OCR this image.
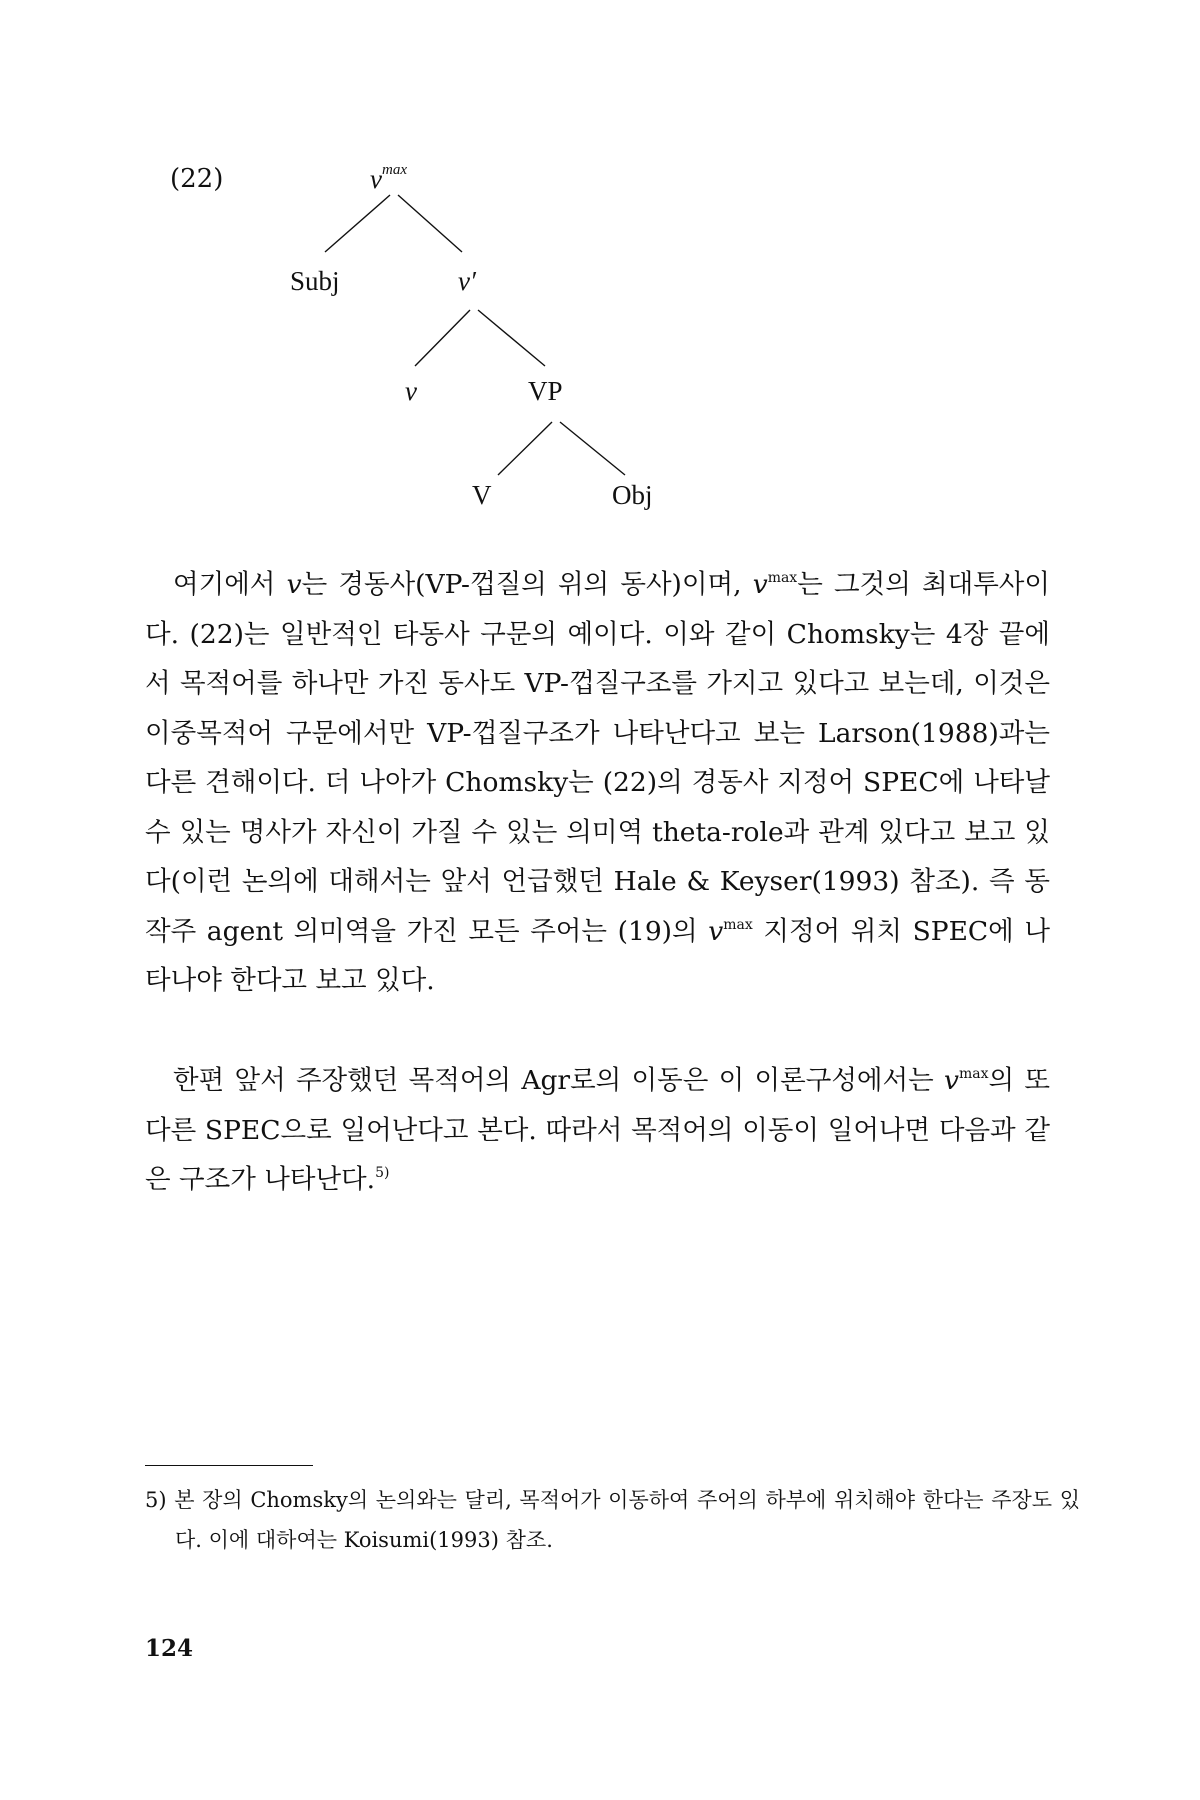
(22)	$v^{max}$
Subj	v′
v	VP
V	Obj

여기에서 v는 경동사(VP-껍질의 위의 동사)이며, $v^{max}$는 그것의 최대투사이다. (22)는 일반적인 타동사 구문의 예이다. 이와 같이 Chomsky는 4장 끝에서 목적어를 하나만 가진 동사도 VP-껍질구조를 가지고 있다고 보는데, 이것은 이중목적어 구문에서만 VP-껍질구조가 나타난다고 보는 Larson(1988)과는 다른 견해이다. 더 나아가 Chomsky는 (22)의 경동사 지정어 SPEC에 나타날 수 있는 명사가 자신이 가질 수 있는 의미역 theta-role과 관계 있다고 보고 있다(이런 논의에 대해서는 앞서 언급했던 Hale & Keyser(1993) 참조). 즉 동작주 agent 의미역을 가진 모든 주어는 (19)의 $v^{max}$ 지정어 위치 SPEC에 나타나야 한다고 보고 있다.

한편 앞서 주장했던 목적어의 Agr로의 이동은 이 이론구성에서는 $v^{max}$의 또 다른 SPEC으로 일어난다고 본다. 따라서 목적어의 이동이 일어나면 다음과 같은 구조가 나타난다.$^{5)}$

5) 본 장의 Chomsky의 논의와는 달리, 목적어가 이동하여 주어의 하부에 위치해야 한다는 주장도 있다. 이에 대하여는 Koisumi(1993) 참조.

124
